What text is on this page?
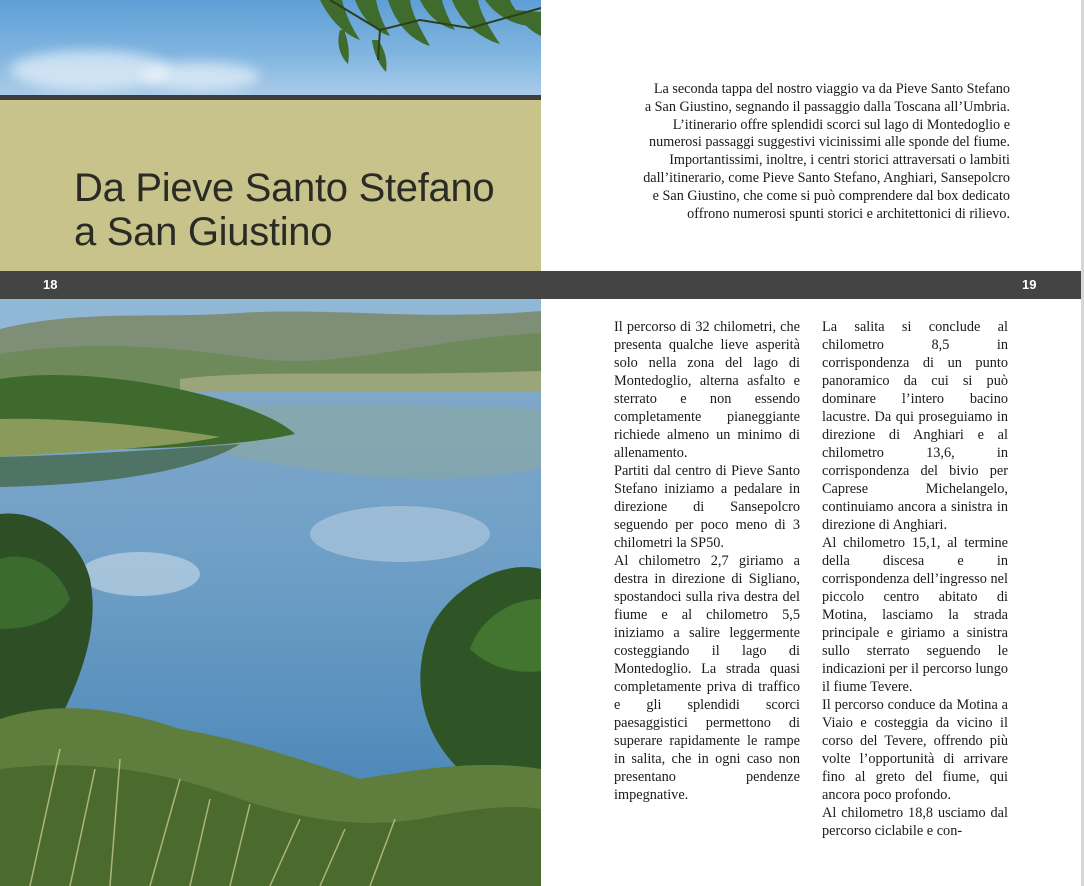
Da Pieve Santo Stefano
a San Giustino
18	19

La seconda tappa del nostro viaggio va da Pieve Santo Stefano
a San Giustino, segnando il passaggio dalla Toscana all’Umbria.
L’itinerario offre splendidi scorci sul lago di Montedoglio e
numerosi passaggi suggestivi vicinissimi alle sponde del fiume.
Importantissimi, inoltre, i centri storici attraversati o lambiti
dall’itinerario, come Pieve Santo Stefano, Anghiari, Sansepolcro
e San Giustino, che come si può comprendere dal box dedicato
offrono numerosi spunti storici e architettonici di rilievo.

Il percorso di 32 chilometri, che presenta qualche lieve asperità solo nella zona del lago di Montedoglio, alterna asfalto e sterrato e non essendo completamente pianeggiante richiede almeno un minimo di allenamento.

Partiti dal centro di Pieve Santo Stefano iniziamo a pedalare in direzione di Sansepolcro seguendo per poco meno di 3 chilometri la SP50.

Al chilometro 2,7 giriamo a destra in direzione di Sigliano, spostandoci sulla riva destra del fiume e al chilometro 5,5 iniziamo a salire leggermente costeggiando il lago di Montedoglio. La strada quasi completamente priva di traffico e gli splendidi scorci paesaggistici permettono di superare rapidamente le rampe in salita, che in ogni caso non presentano pendenze impegnative.

La salita si conclude al chilometro 8,5 in corrispondenza di un punto panoramico da cui si può dominare l’intero bacino lacustre. Da qui proseguiamo in direzione di Anghiari e al chilometro 13,6, in corrispondenza del bivio per Caprese Michelangelo, continuiamo ancora a sinistra in direzione di Anghiari.

Al chilometro 15,1, al termine della discesa e in corrispondenza dell’ingresso nel piccolo centro abitato di Motina, lasciamo la strada principale e giriamo a sinistra sullo sterrato seguendo le indicazioni per il percorso lungo il fiume Tevere.

Il percorso conduce da Motina a Viaio e costeggia da vicino il corso del Tevere, offrendo più volte l’opportunità di arrivare fino al greto del fiume, qui ancora poco profondo.

Al chilometro 18,8 usciamo dal percorso ciclabile e con-
